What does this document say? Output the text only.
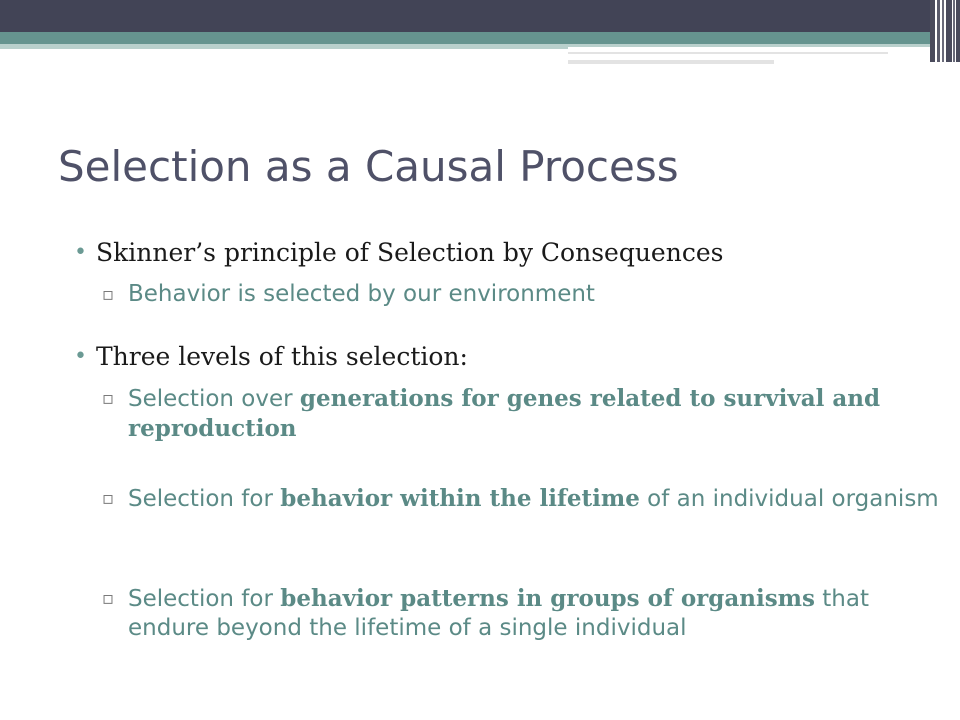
Selection as a Causal Process
• Skinner’s principle of Selection by Consequences
▫ Behavior is selected by our environment
• Three levels of this selection:
▫ Selection over generations for genes related to survival and reproduction
▫ Selection for behavior within the lifetime of an individual organism
▫ Selection for behavior patterns in groups of organisms that endure beyond the lifetime of a single individual
